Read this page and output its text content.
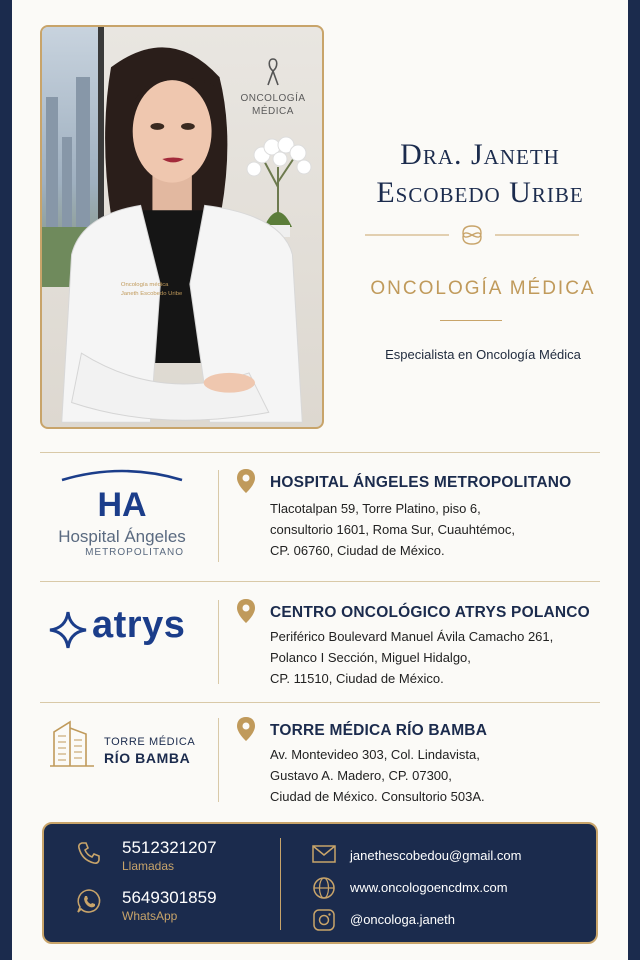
ONCOLOGÍA
MÉDICA
Oncología médica
Janeth Escobedo Uribe
Dra. Janeth
Escobedo Uribe
ONCOLOGÍA MÉDICA
Especialista en Oncología Médica
HA
Hospital Ángeles
METROPOLITANO
HOSPITAL ÁNGELES METROPOLITANO
Tlacotalpan 59, Torre Platino, piso 6,
consultorio 1601, Roma Sur, Cuauhtémoc,
CP. 06760, Ciudad de México.
atrys	CENTRO ONCOLÓGICO ATRYS POLANCO
Periférico Boulevard Manuel Ávila Camacho 261,
Polanco I Sección, Miguel Hidalgo,
CP. 11510, Ciudad de México.
TORRE MÉDICA
RÍO BAMBA
TORRE MÉDICA RÍO BAMBA
Av. Montevideo 303, Col. Lindavista,
Gustavo A. Madero, CP. 07300,
Ciudad de México. Consultorio 503A.
5512321207
Llamadas
5649301859
WhatsApp
janethescobedou@gmail.com
www.oncologoencdmx.com
@oncologa.janeth
